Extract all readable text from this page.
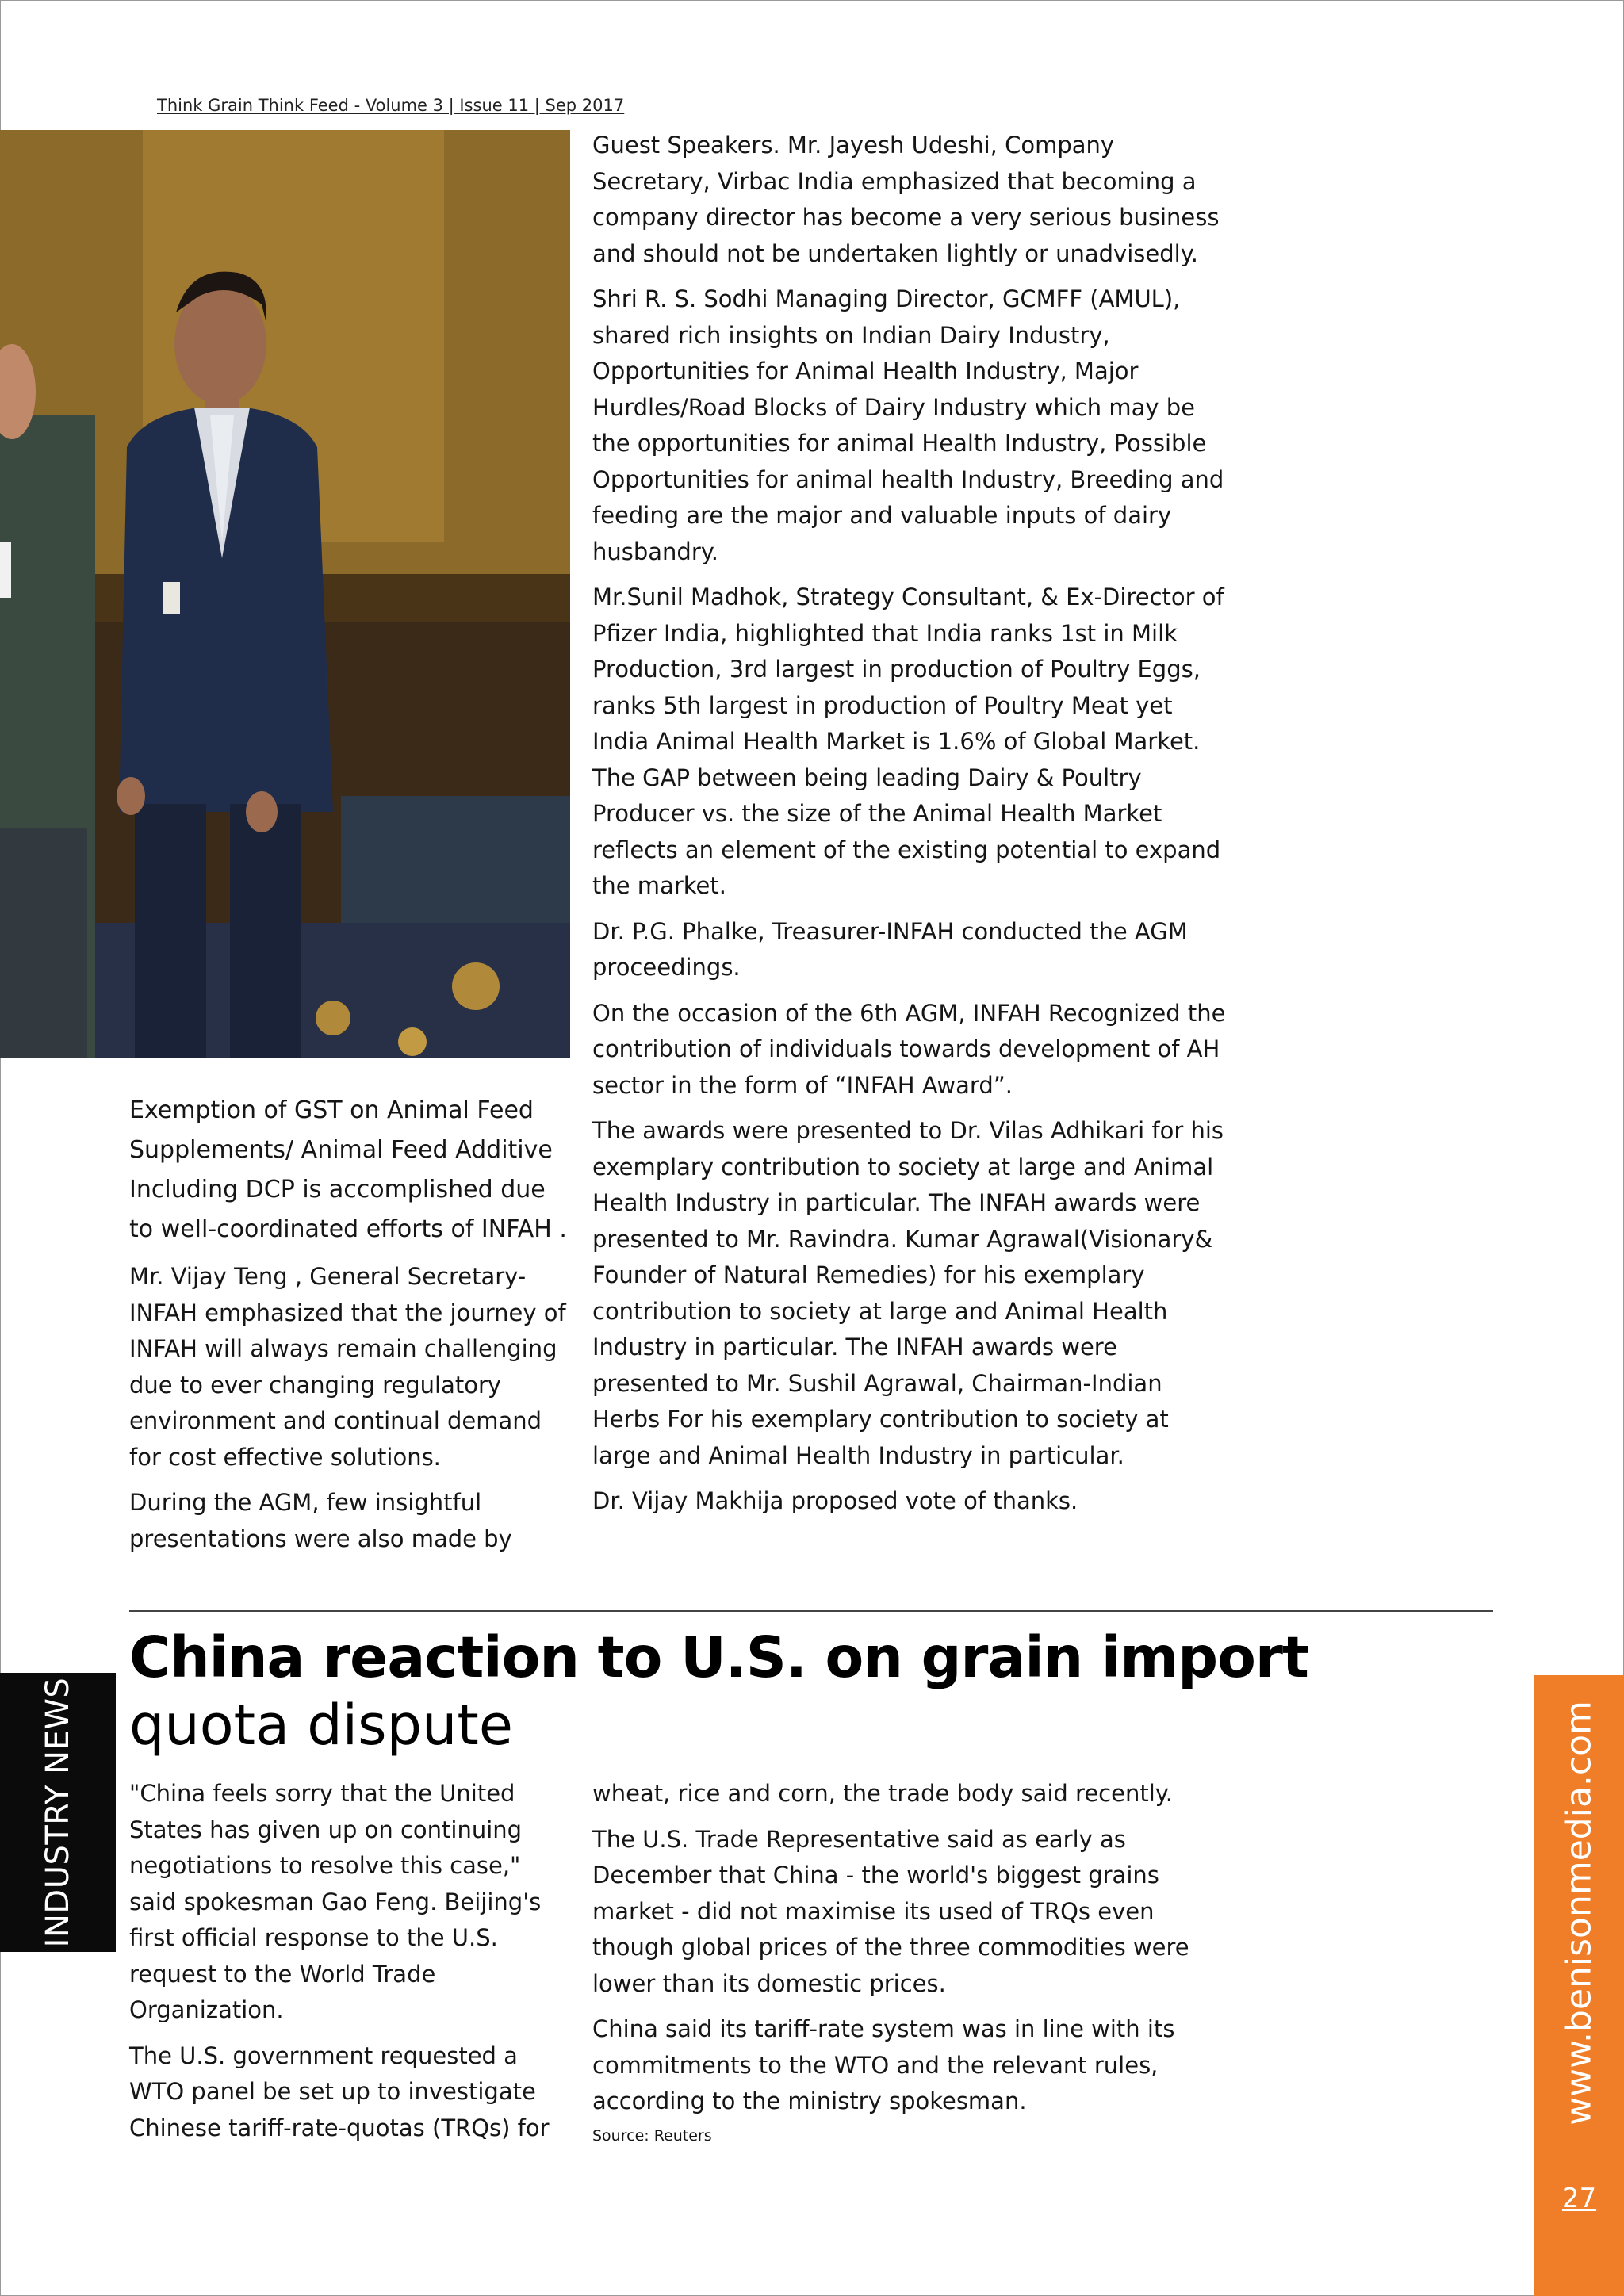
Think Grain Think Feed - Volume 3 | Issue 11 | Sep 2017

Exemption of GST on Animal Feed Supplements/ Animal Feed Additive Including DCP is accomplished due to well-coordinated efforts of INFAH .

Mr. Vijay Teng , General Secretary-INFAH emphasized that the journey of INFAH will always remain challenging due to ever changing regulatory environment and continual demand for cost effective solutions.

During the AGM, few insightful presentations were also made by

Guest Speakers. Mr. Jayesh Udeshi, Company Secretary, Virbac India emphasized that becoming a company director has become a very serious business and should not be undertaken lightly or unadvisedly.

Shri R. S. Sodhi Managing Director, GCMFF (AMUL), shared rich insights on Indian Dairy Industry, Opportunities for Animal Health Industry, Major Hurdles/Road Blocks of Dairy Industry which may be the opportunities for animal Health Industry, Possible Opportunities for animal health Industry, Breeding and feeding are the major and valuable inputs of dairy husbandry.

Mr.Sunil Madhok, Strategy Consultant, & Ex-Director of Pfizer India, highlighted that India ranks 1st in Milk Production, 3rd largest in production of Poultry Eggs, ranks 5th largest in production of Poultry Meat yet India Animal Health Market is 1.6% of Global Market. The GAP between being leading Dairy & Poultry Producer vs. the size of the Animal Health Market reflects an element of the existing potential to expand the market.

Dr. P.G. Phalke, Treasurer-INFAH conducted the AGM proceedings.

On the occasion of the 6th AGM, INFAH Recognized the contribution of individuals towards development of AH sector in the form of “INFAH Award”.

The awards were presented to Dr. Vilas Adhikari for his exemplary contribution to society at large and Animal Health Industry in particular. The INFAH awards were presented to Mr. Ravindra. Kumar Agrawal(Visionary& Founder of Natural Remedies) for his exemplary contribution to society at large and Animal Health Industry in particular. The INFAH awards were presented to Mr. Sushil Agrawal, Chairman-Indian Herbs For his exemplary contribution to society at large and Animal Health Industry in particular.

Dr. Vijay Makhija proposed vote of thanks.

China reaction to U.S. on grain import
quota dispute

"China feels sorry that the United States has given up on continuing negotiations to resolve this case," said spokesman Gao Feng. Beijing's first official response to the U.S. request to the World Trade Organization.

The U.S. government requested a WTO panel be set up to investigate Chinese tariff-rate-quotas (TRQs) for

wheat, rice and corn, the trade body said recently.

The U.S. Trade Representative said as early as December that China - the world's biggest grains market - did not maximise its used of TRQs even though global prices of the three commodities were lower than its domestic prices.

China said its tariff-rate system was in line with its commitments to the WTO and the relevant rules, according to the ministry spokesman.

Source: Reuters

INDUSTRY NEWS	www.benisonmedia.com
27
